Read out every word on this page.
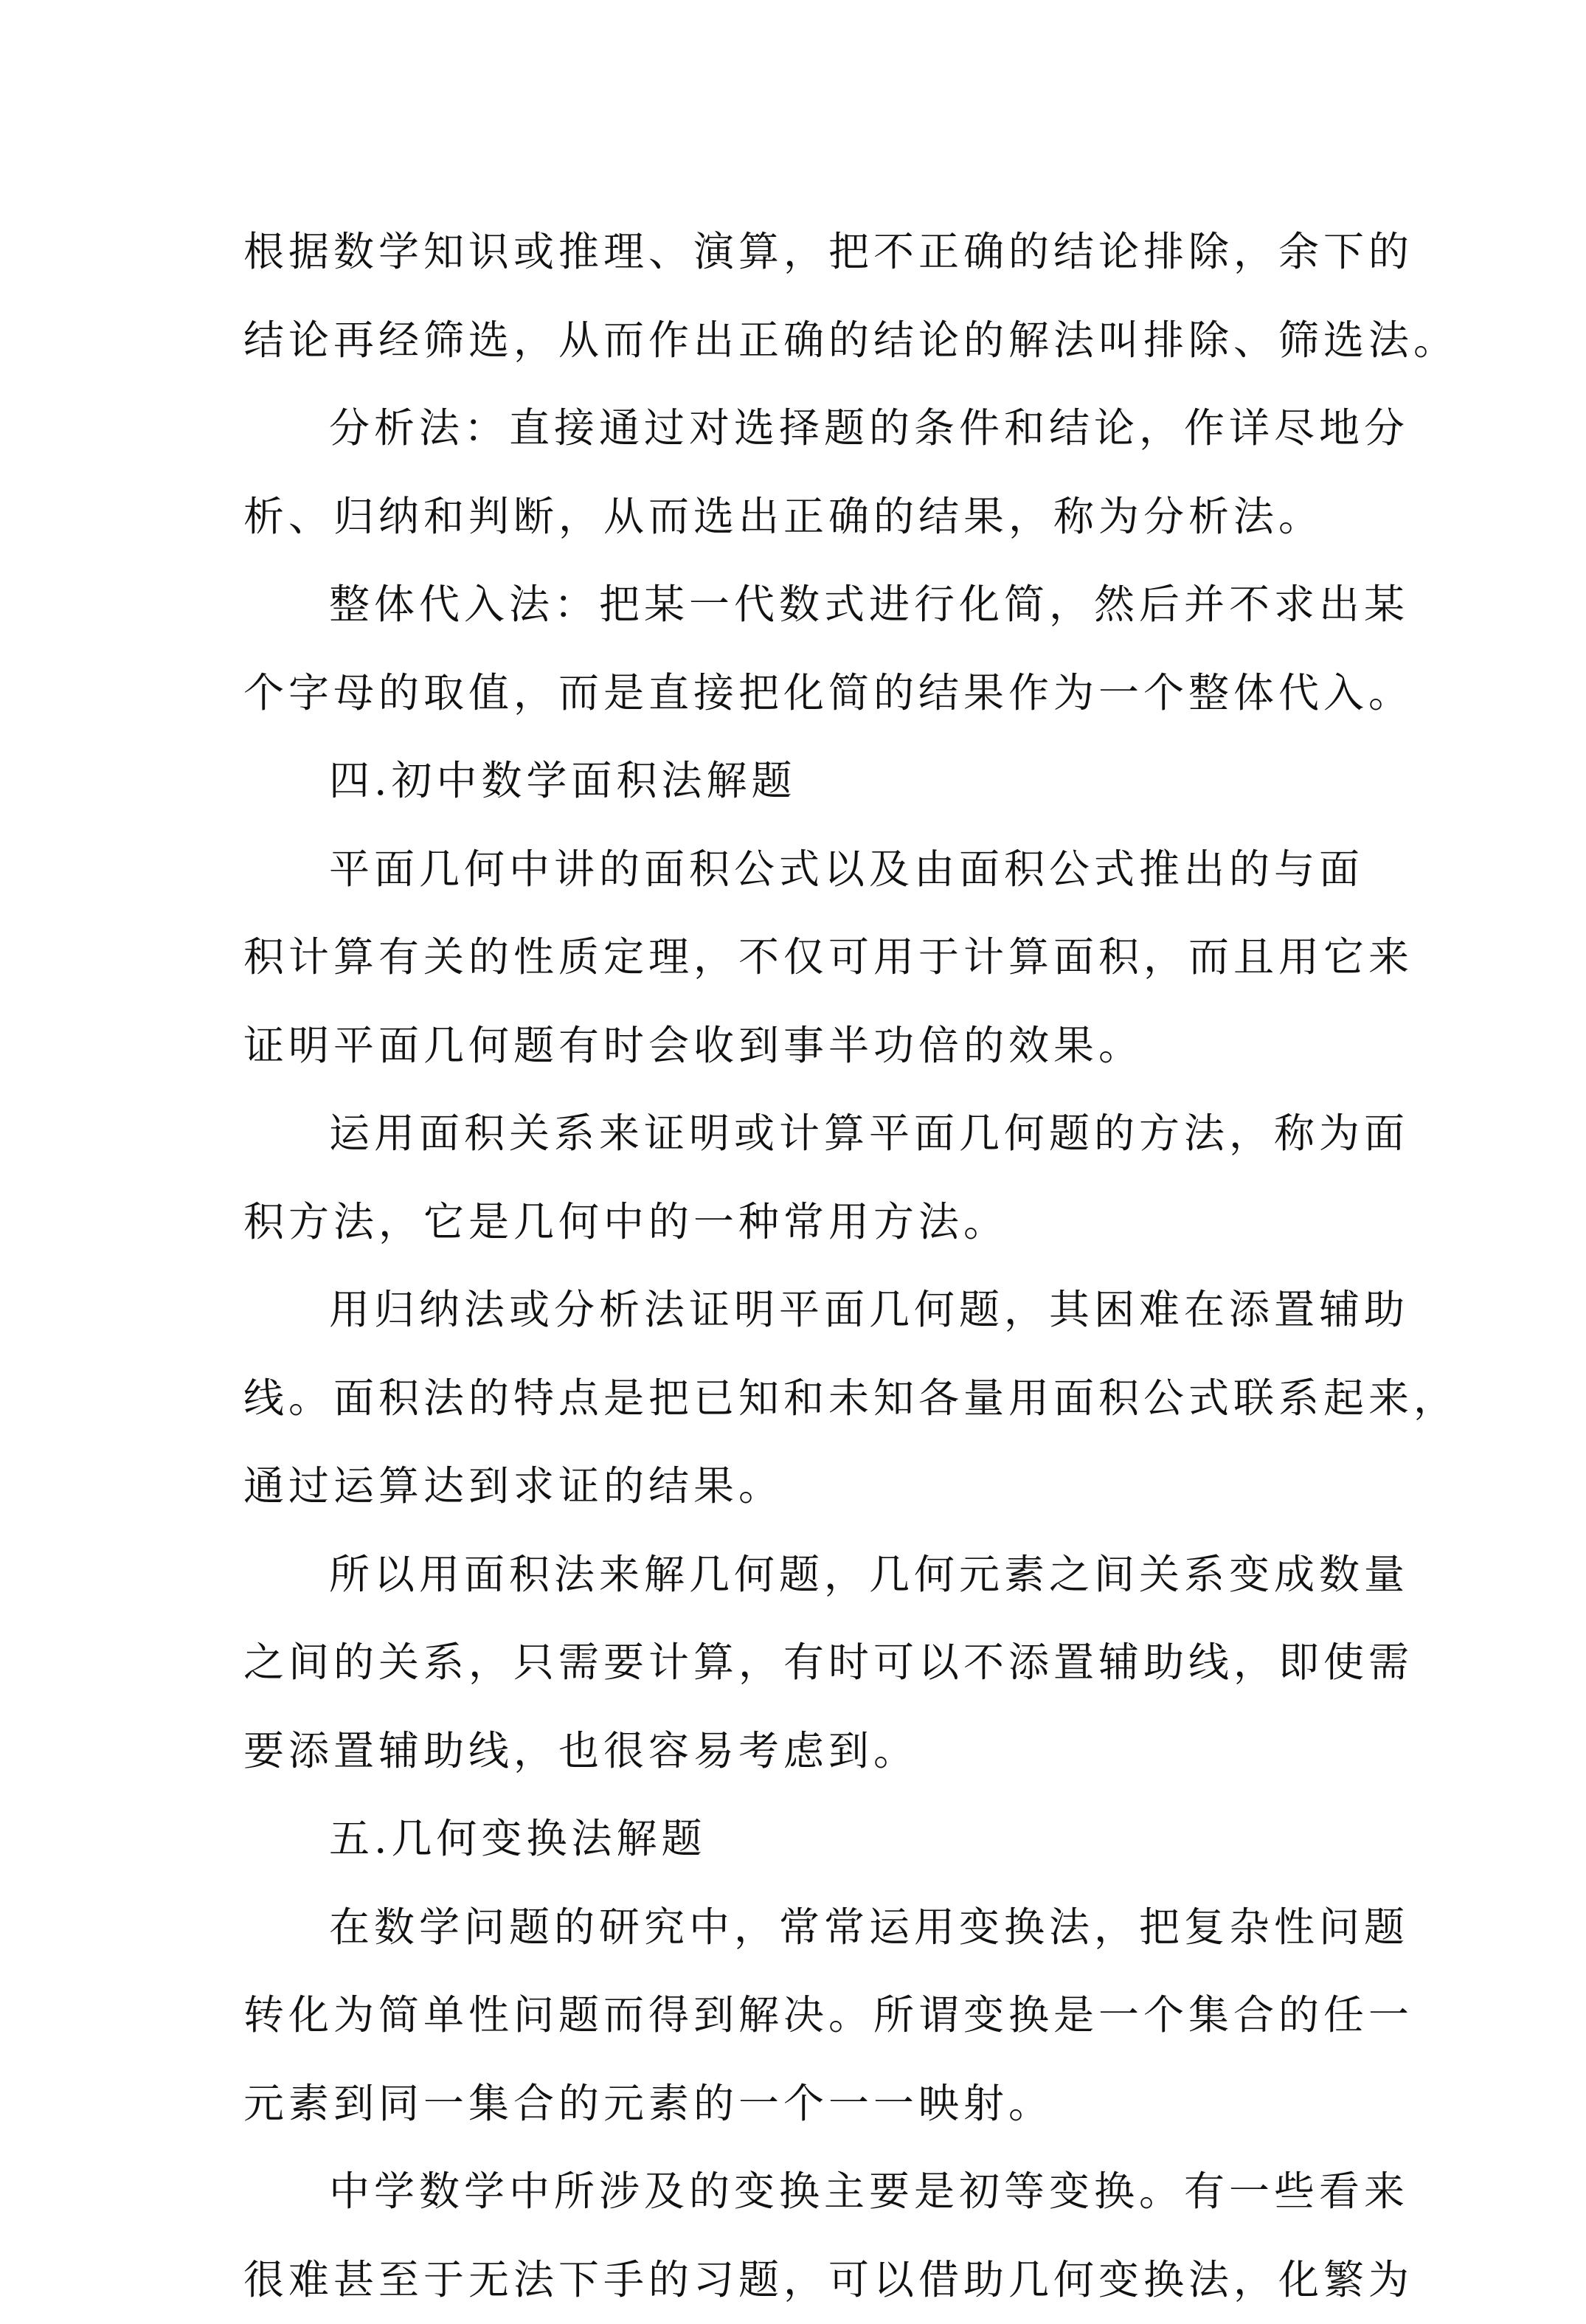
根据数学知识或推理、演算，把不正确的结论排除，余下的
结论再经筛选，从而作出正确的结论的解法叫排除、筛选法。
分析法：直接通过对选择题的条件和结论，作详尽地分
析、归纳和判断，从而选出正确的结果，称为分析法。
整体代入法：把某一代数式进行化简，然后并不求出某
个字母的取值，而是直接把化简的结果作为一个整体代入。
四.初中数学面积法解题
平面几何中讲的面积公式以及由面积公式推出的与面
积计算有关的性质定理，不仅可用于计算面积，而且用它来
证明平面几何题有时会收到事半功倍的效果。
运用面积关系来证明或计算平面几何题的方法，称为面
积方法，它是几何中的一种常用方法。
用归纳法或分析法证明平面几何题，其困难在添置辅助
线。面积法的特点是把已知和未知各量用面积公式联系起来，
通过运算达到求证的结果。
所以用面积法来解几何题，几何元素之间关系变成数量
之间的关系，只需要计算，有时可以不添置辅助线，即使需
要添置辅助线，也很容易考虑到。
五.几何变换法解题
在数学问题的研究中，常常运用变换法，把复杂性问题
转化为简单性问题而得到解决。所谓变换是一个集合的任一
元素到同一集合的元素的一个一一映射。
中学数学中所涉及的变换主要是初等变换。有一些看来
很难甚至于无法下手的习题，可以借助几何变换法，化繁为
